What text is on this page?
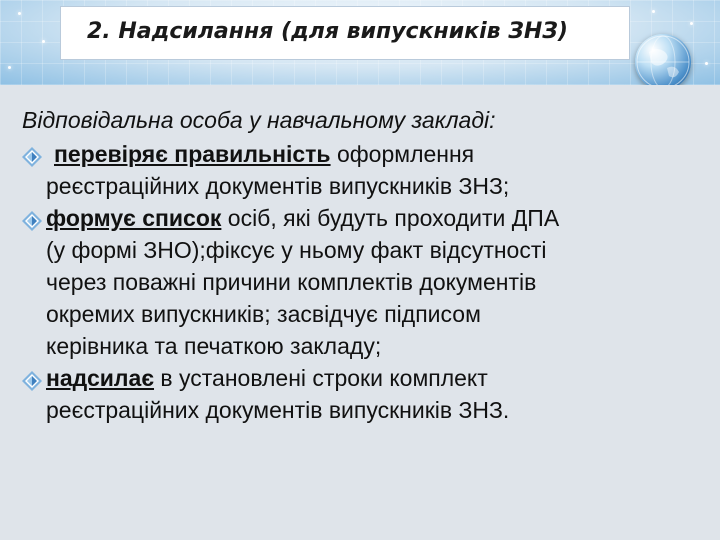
2. Надсилання (для випускників ЗНЗ)

Відповідальна особа у навчальному закладі:

перевіряє правильність оформлення
реєстраційних документів випускників ЗНЗ;
формує список осіб, які будуть проходити ДПА
(у формі ЗНО);фіксує у ньому факт відсутності
через поважні причини комплектів документів
окремих випускників; засвідчує підписом
керівника та печаткою закладу;
надсилає в установлені строки комплект
реєстраційних документів випускників ЗНЗ.
